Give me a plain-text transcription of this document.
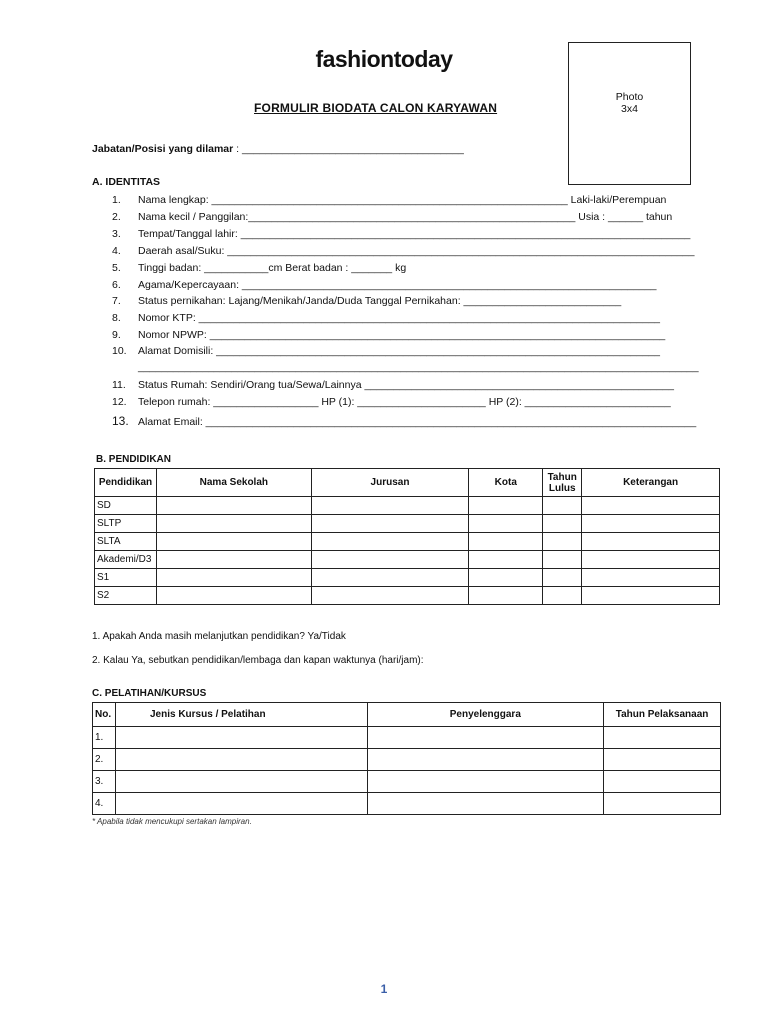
fashiontoday
Photo
3x4
FORMULIR BIODATA CALON KARYAWAN
Jabatan/Posisi yang dilamar : ______________________________________
A. IDENTITAS
1. Nama lengkap: _____________________________________________________________ Laki-laki/Perempuan
2. Nama kecil / Panggilan:________________________________________________________ Usia : ______ tahun
3. Tempat/Tanggal lahir: _____________________________________________________________________________
4. Daerah asal/Suku: ________________________________________________________________________________
5. Tinggi badan: ___________cm Berat badan : _______ kg
6. Agama/Kepercayaan: _______________________________________________________________________
7. Status pernikahan: Lajang/Menikah/Janda/Duda Tanggal Pernikahan: ___________________________
8. Nomor KTP: _______________________________________________________________________________
9. Nomor NPWP: ______________________________________________________________________________
10. Alamat Domisili: ____________________________________________________________________________
________________________________________________________________________________________________
11. Status Rumah: Sendiri/Orang tua/Sewa/Lainnya _____________________________________________________
12. Telepon rumah: __________________ HP (1): ______________________ HP (2): _________________________
13. Alamat Email: ____________________________________________________________________________________
B. PENDIDIKAN
Pendidikan	Nama Sekolah	Jurusan	Kota	Tahun Lulus	Keterangan
SD					
SLTP					
SLTA					
Akademi/D3					
S1					
S2					
1. Apakah Anda masih melanjutkan pendidikan? Ya/Tidak
2. Kalau Ya, sebutkan pendidikan/lembaga dan kapan waktunya (hari/jam):
C. PELATIHAN/KURSUS
No.	Jenis Kursus / Pelatihan	Penyelenggara	Tahun Pelaksanaan
1.			
2.			
3.			
4.			
* Apabila tidak mencukupi sertakan lampiran.
1
